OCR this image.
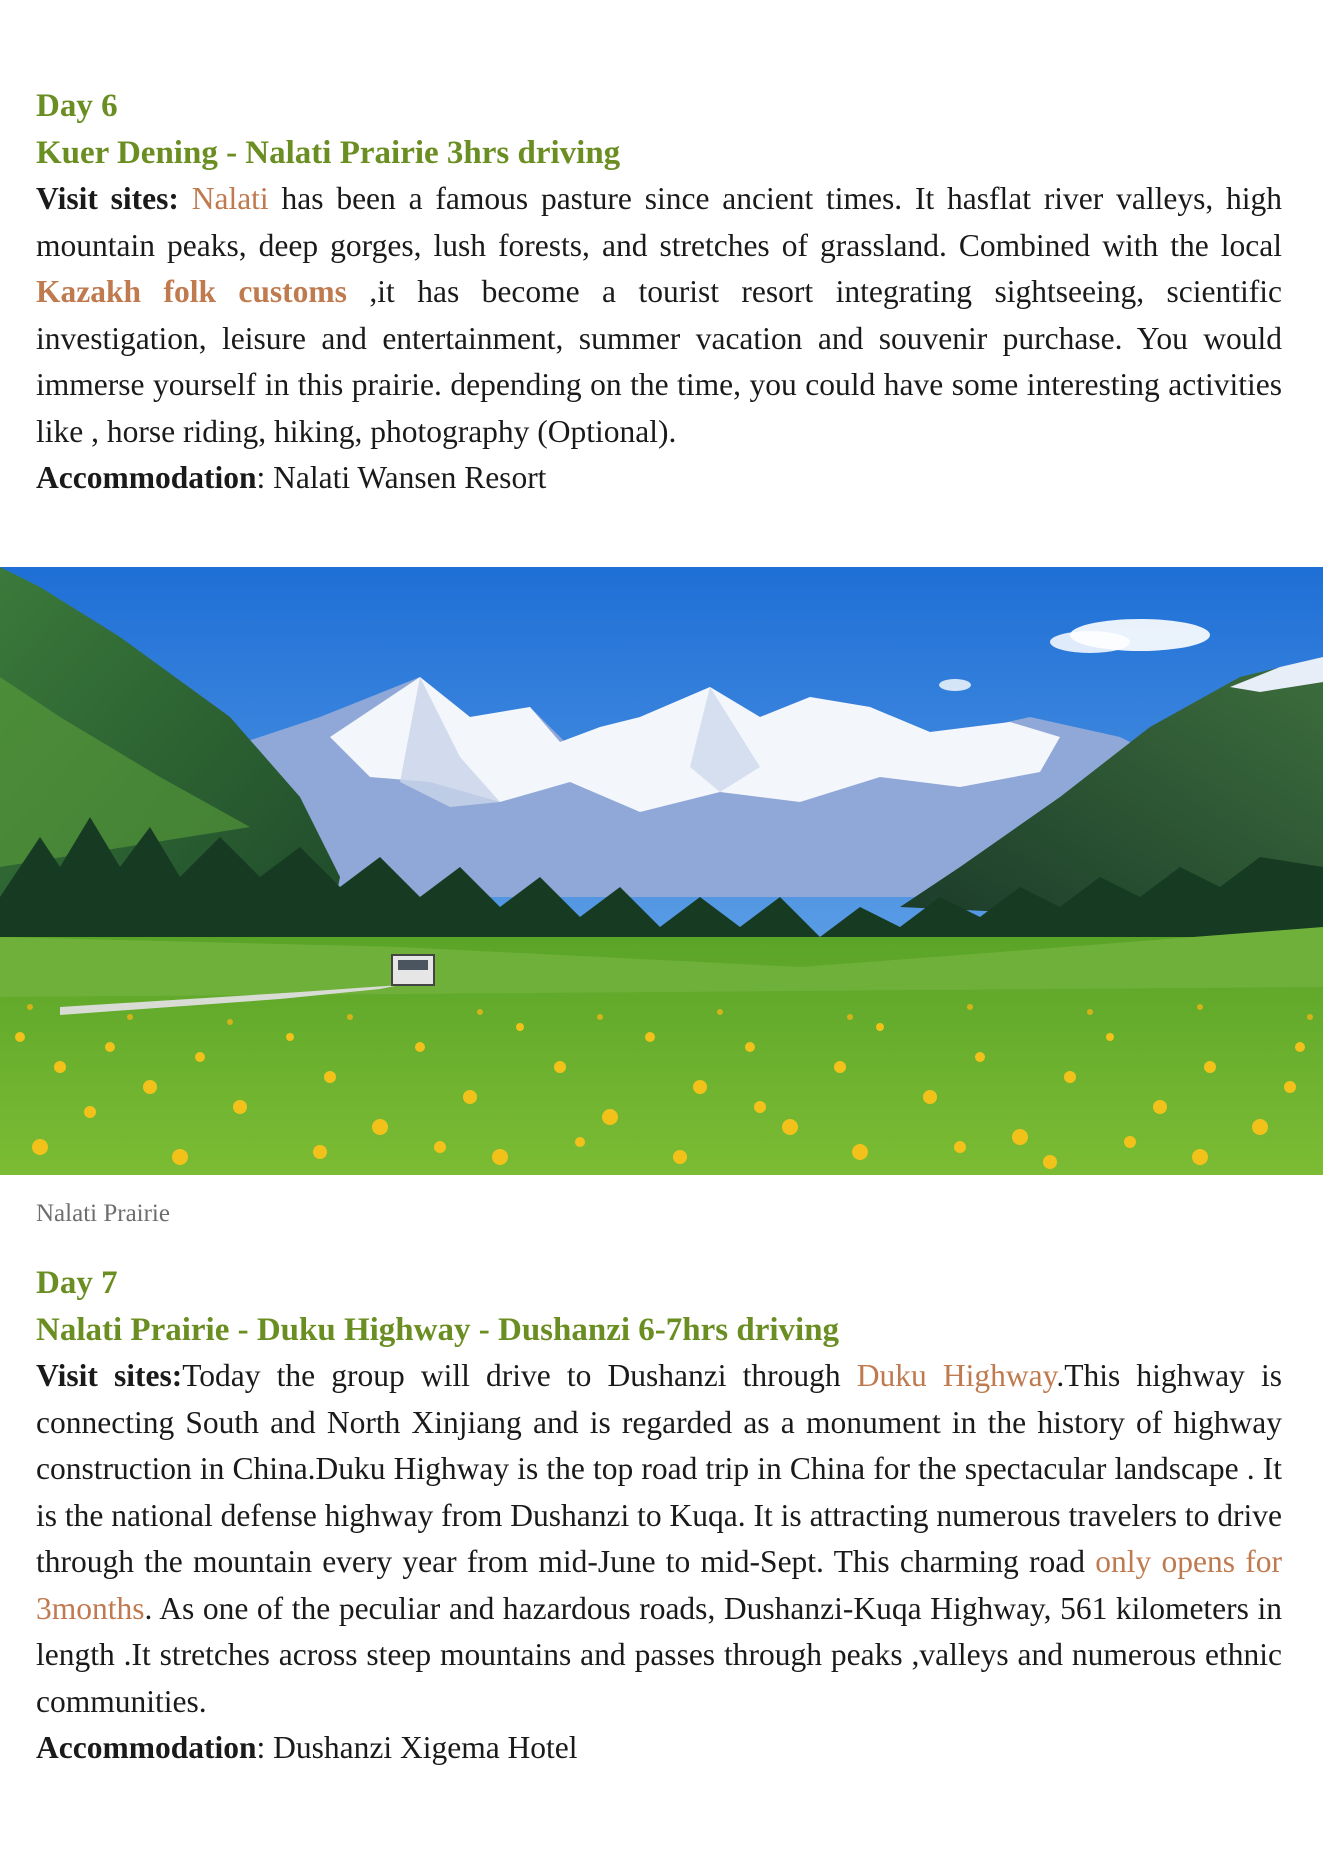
Day 6

Kuer Dening - Nalati Prairie 3hrs driving

Visit sites: Nalati has been a famous pasture since ancient times. It hasflat river valleys, high mountain peaks, deep gorges, lush forests, and stretches of grassland. Combined with the local Kazakh folk customs ,it has become a tourist resort integrating sightseeing, scientific investigation, leisure and entertainment, summer vacation and souvenir purchase. You would immerse yourself in this prairie. depending on the time, you could have some interesting activities like , horse riding, hiking, photography (Optional).

Accommodation: Nalati Wansen Resort

Nalati Prairie

Day 7

Nalati Prairie - Duku Highway - Dushanzi 6-7hrs driving

Visit sites:Today the group will drive to Dushanzi through Duku Highway.This highway is connecting South and North Xinjiang and is regarded as a monument in the history of highway construction in China.Duku Highway is the top road trip in China for the spectacular landscape . It is the national defense highway from Dushanzi to Kuqa. It is attracting numerous travelers to drive through the mountain every year from mid-June to mid-Sept. This charming road only opens for 3months. As one of the peculiar and hazardous roads, Dushanzi-Kuqa Highway, 561 kilometers in length .It stretches across steep mountains and passes through peaks ,valleys and numerous ethnic communities.

Accommodation: Dushanzi Xigema Hotel
